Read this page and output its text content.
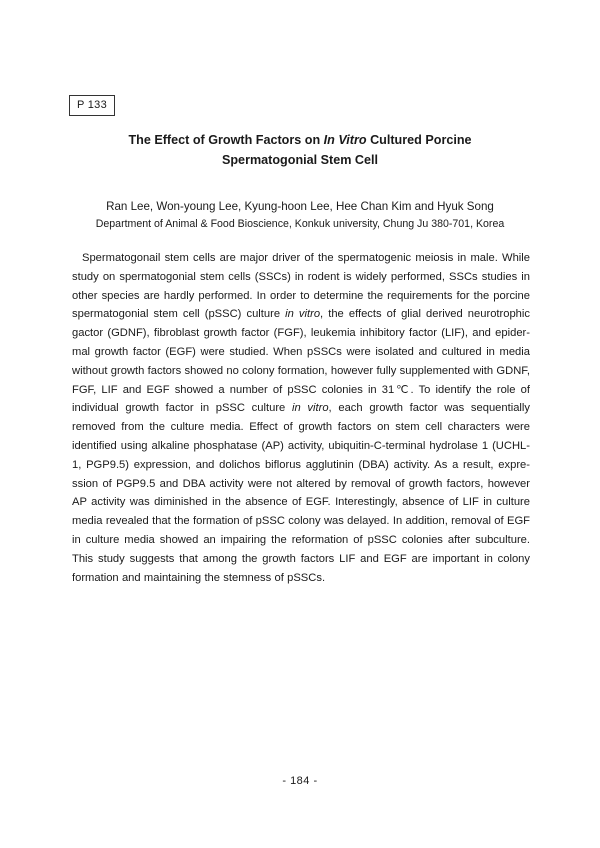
P 133
The Effect of Growth Factors on In Vitro Cultured Porcine
Spermatogonial Stem Cell
Ran Lee, Won-young Lee, Kyung-hoon Lee, Hee Chan Kim and Hyuk Song
Department of Animal & Food Bioscience, Konkuk university, Chung Ju 380-701, Korea
Spermatogonail stem cells are major driver of the spermatogenic meiosis in male. While
study on spermatogonial stem cells (SSCs) in rodent is widely performed, SSCs studies in
other species are hardly performed. In order to determine the requirements for the porcine
spermatogonial stem cell (pSSC) culture in vitro, the effects of glial derived neurotrophic
gactor (GDNF), fibroblast growth factor (FGF), leukemia inhibitory factor (LIF), and epider-
mal growth factor (EGF) were studied. When pSSCs were isolated and cultured in media
without growth factors showed no colony formation, however fully supplemented with GDNF,
FGF, LIF and EGF showed a number of pSSC colonies in 31℃. To identify the role of
individual growth factor in pSSC culture in vitro, each growth factor was sequentially
removed from the culture media. Effect of growth factors on stem cell characters were
identified using alkaline phosphatase (AP) activity, ubiquitin-C-terminal hydrolase 1 (UCHL-
1, PGP9.5) expression, and dolichos biflorus agglutinin (DBA) activity. As a result, expre-
ssion of PGP9.5 and DBA activity were not altered by removal of growth factors, however
AP activity was diminished in the absence of EGF. Interestingly, absence of LIF in culture
media revealed that the formation of pSSC colony was delayed. In addition, removal of EGF
in culture media showed an impairing the reformation of pSSC colonies after subculture.
This study suggests that among the growth factors LIF and EGF are important in colony
formation and maintaining the stemness of pSSCs.
- 184 -
